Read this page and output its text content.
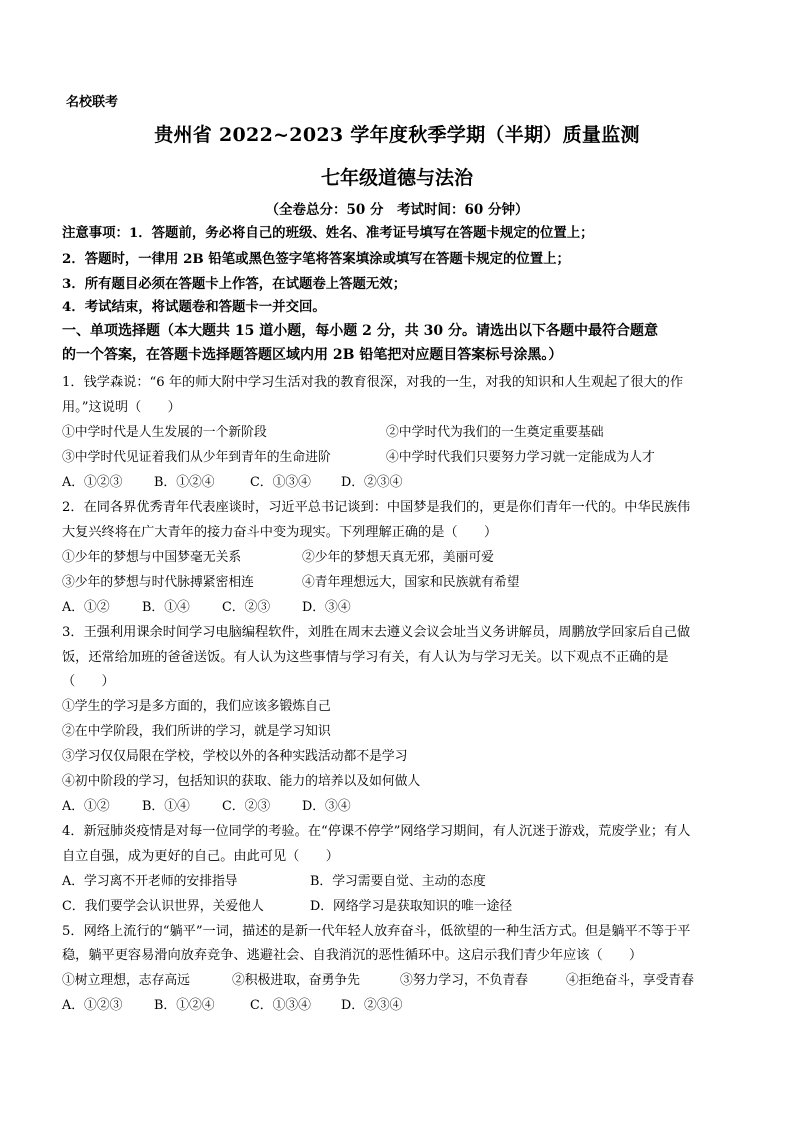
名校联考
贵州省 2022~2023 学年度秋季学期（半期）质量监测
七年级道德与法治
（全卷总分：50 分　考试时间：60 分钟）
注意事项：1．答题前，务必将自己的班级、姓名、准考证号填写在答题卡规定的位置上；
2．答题时，一律用 2B 铅笔或黑色签字笔将答案填涂或填写在答题卡规定的位置上；
3．所有题目必须在答题卡上作答，在试题卷上答题无效；
4．考试结束，将试题卷和答题卡一并交回。
一、单项选择题（本大题共 15 道小题，每小题 2 分，共 30 分。请选出以下各题中最符合题意
的一个答案，在答题卡选择题答题区域内用 2B 铅笔把对应题目答案标号涂黑。）
1．钱学森说：“6 年的师大附中学习生活对我的教育很深，对我的一生，对我的知识和人生观起了很大的作
用。”这说明（　　）
①中学时代是人生发展的一个新阶段	②中学时代为我们的一生奠定重要基础
③中学时代见证着我们从少年到青年的生命进阶	④中学时代我们只要努力学习就一定能成为人才
A．①②③ B．①②④	C．①③④ D．②③④
2．在同各界优秀青年代表座谈时，习近平总书记谈到：中国梦是我们的，更是你们青年一代的。中华民族伟
大复兴终将在广大青年的接力奋斗中变为现实。下列理解正确的是（　　）
①少年的梦想与中国梦毫无关系	②少年的梦想天真无邪，美丽可爱
③少年的梦想与时代脉搏紧密相连	④青年理想远大，国家和民族就有希望
A．①②	B．①④	C．②③ D．③④
3．王强利用课余时间学习电脑编程软件，刘胜在周末去遵义会议会址当义务讲解员，周鹏放学回家后自己做
饭，还常给加班的爸爸送饭。有人认为这些事情与学习有关，有人认为与学习无关。以下观点不正确的是
（　　）
①学生的学习是多方面的，我们应该多锻炼自己
②在中学阶段，我们所讲的学习，就是学习知识
③学习仅仅局限在学校，学校以外的各种实践活动都不是学习
④初中阶段的学习，包括知识的获取、能力的培养以及如何做人
A．①②	B．①④	C．②③ D．③④
4．新冠肺炎疫情是对每一位同学的考验。在“停课不停学”网络学习期间，有人沉迷于游戏，荒废学业；有人
自立自强，成为更好的自己。由此可见（　　）
A．学习离不开老师的安排指导	B．学习需要自觉、主动的态度
C．我们要学会认识世界，关爱他人	D．网络学习是获取知识的唯一途径
5．网络上流行的“躺平”一词，描述的是新一代年轻人放弃奋斗，低欲望的一种生活方式。但是躺平不等于平
稳，躺平更容易滑向放弃竞争、逃避社会、自我消沉的恶性循环中。这启示我们青少年应该（　　）
①树立理想，志存高远	②积极进取，奋勇争先	③努力学习，不负青春	④拒绝奋斗，享受青春
A．①②③ B．①②④	C．①③④ D．②③④
